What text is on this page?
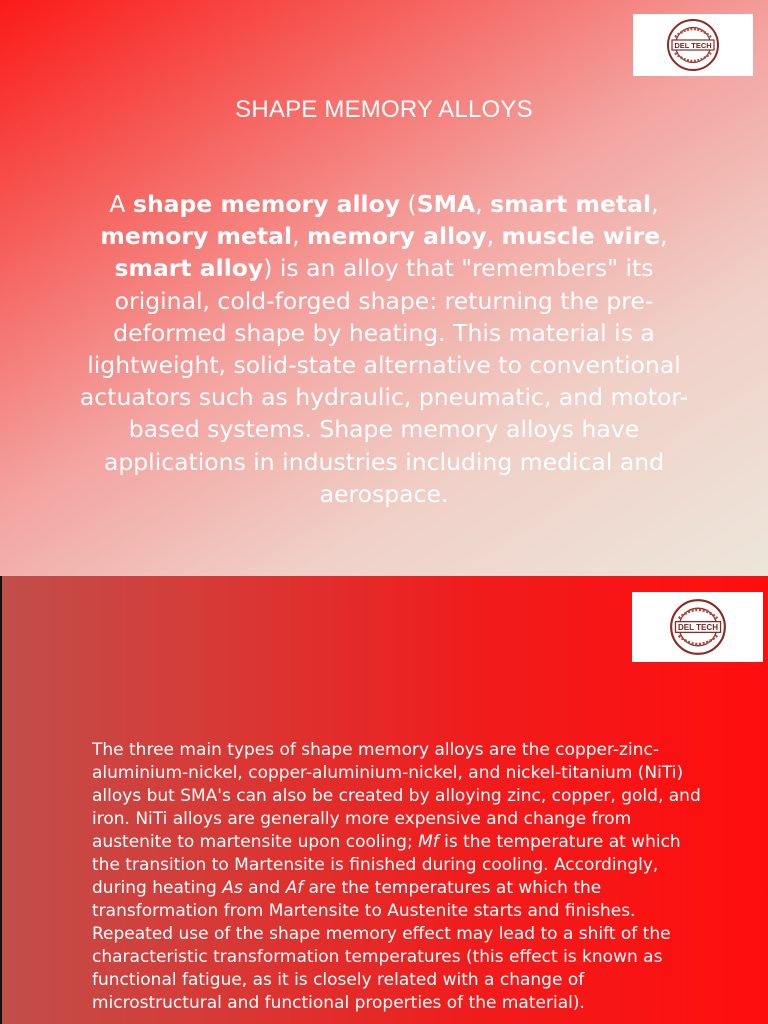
DEL TECH
SHAPE MEMORY ALLOYS
A shape memory alloy (SMA, smart metal, memory metal, memory alloy, muscle wire, smart alloy) is an alloy that "remembers" its original, cold-forged shape: returning the pre-deformed shape by heating. This material is a lightweight, solid-state alternative to conventional actuators such as hydraulic, pneumatic, and motor-based systems. Shape memory alloys have applications in industries including medical and aerospace.
DEL TECH

The three main types of shape memory alloys are the copper-zinc- aluminium-nickel, copper-aluminium-nickel, and nickel-titanium (NiTi) alloys but SMA's can also be created by alloying zinc, copper, gold, and iron. NiTi alloys are generally more expensive and change from austenite to martensite upon cooling; Mf is the temperature at which the transition to Martensite is finished during cooling. Accordingly, during heating As and Af are the temperatures at which the transformation from Martensite to Austenite starts and finishes.

Repeated use of the shape memory effect may lead to a shift of the characteristic transformation temperatures (this effect is known as functional fatigue, as it is closely related with a change of microstructural and functional properties of the material).
